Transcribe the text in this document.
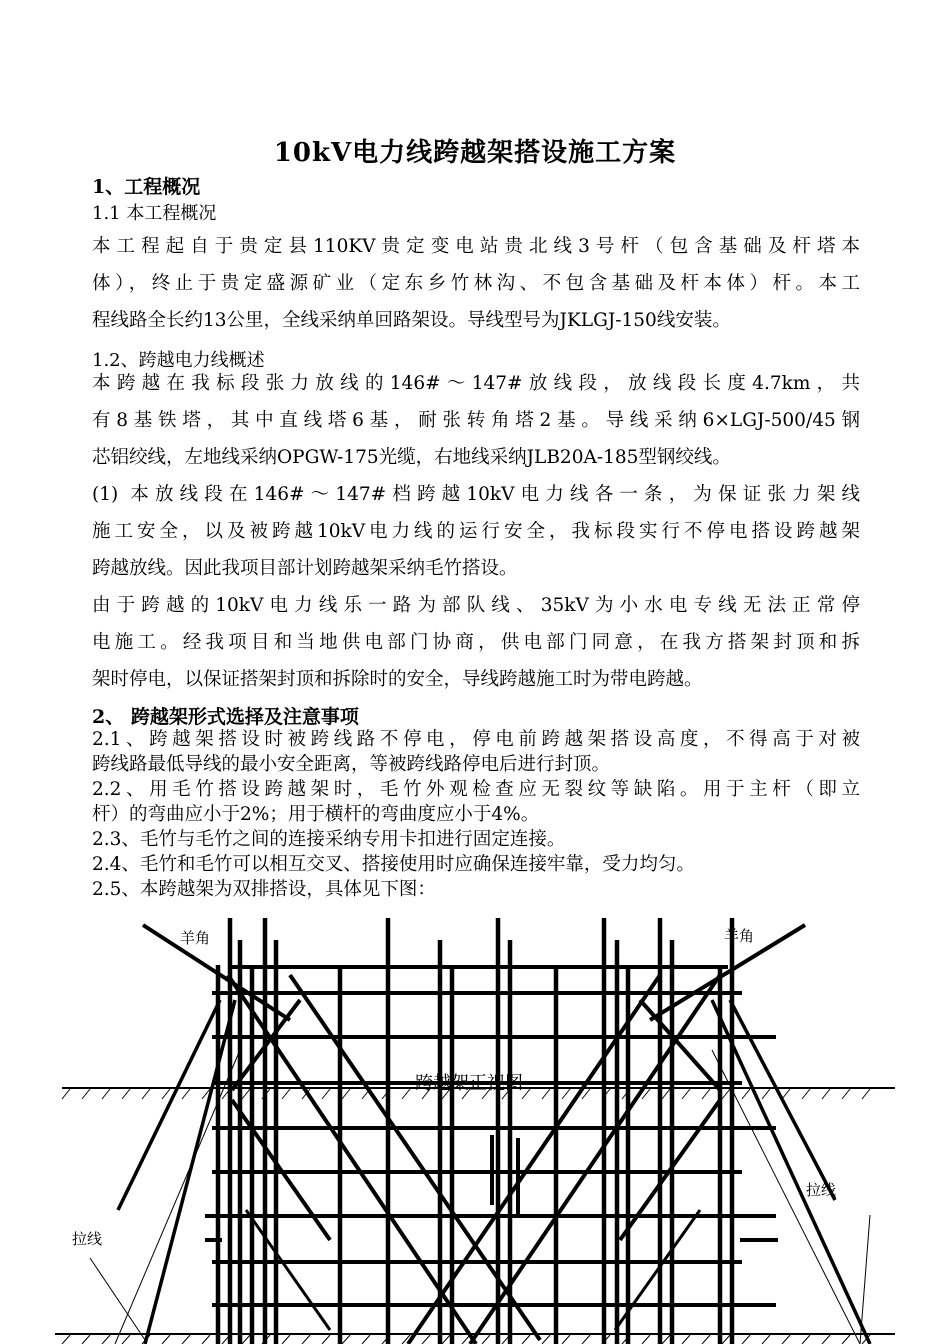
10kV电力线跨越架搭设施工方案
1、工程概况
1.1 本工程概况
本工程起自于贵定县110KV贵定变电站贵北线3号杆（包含基础及杆塔本
体），终止于贵定盛源矿业（定东乡竹林沟、不包含基础及杆本体）杆。本工
程线路全长约13公里，全线采纳单回路架设。导线型号为JKLGJ-150线安装。
1.2、跨越电力线概述
本跨越在我标段张力放线的146#～147#放线段，放线段长度4.7km，共
有8基铁塔，其中直线塔6基，耐张转角塔2基。导线采纳6×LGJ-500/45钢
芯铝绞线，左地线采纳OPGW-175光缆，右地线采纳JLB20A-185型钢绞线。
(1) 本放线段在146#～147#档跨越10kV电力线各一条，为保证张力架线
施工安全，以及被跨越10kV电力线的运行安全，我标段实行不停电搭设跨越架
跨越放线。因此我项目部计划跨越架采纳毛竹搭设。
由于跨越的10kV电力线乐一路为部队线、35kV为小水电专线无法正常停
电施工。经我项目和当地供电部门协商，供电部门同意，在我方搭架封顶和拆
架时停电，以保证搭架封顶和拆除时的安全，导线跨越施工时为带电跨越。
2、 跨越架形式选择及注意事项
2.1、跨越架搭设时被跨线路不停电，停电前跨越架搭设高度，不得高于对被
跨线路最低导线的最小安全距离，等被跨线路停电后进行封顶。
2.2、用毛竹搭设跨越架时，毛竹外观检查应无裂纹等缺陷。用于主杆（即立
杆）的弯曲应小于2%；用于横杆的弯曲度应小于4%。
2.3、毛竹与毛竹之间的连接采纳专用卡扣进行固定连接。
2.4、毛竹和毛竹可以相互交叉、搭接使用时应确保连接牢靠，受力均匀。
2.5、本跨越架为双排搭设，具体见下图：
羊角	羊角
跨越架正视图
拉线
拉线
